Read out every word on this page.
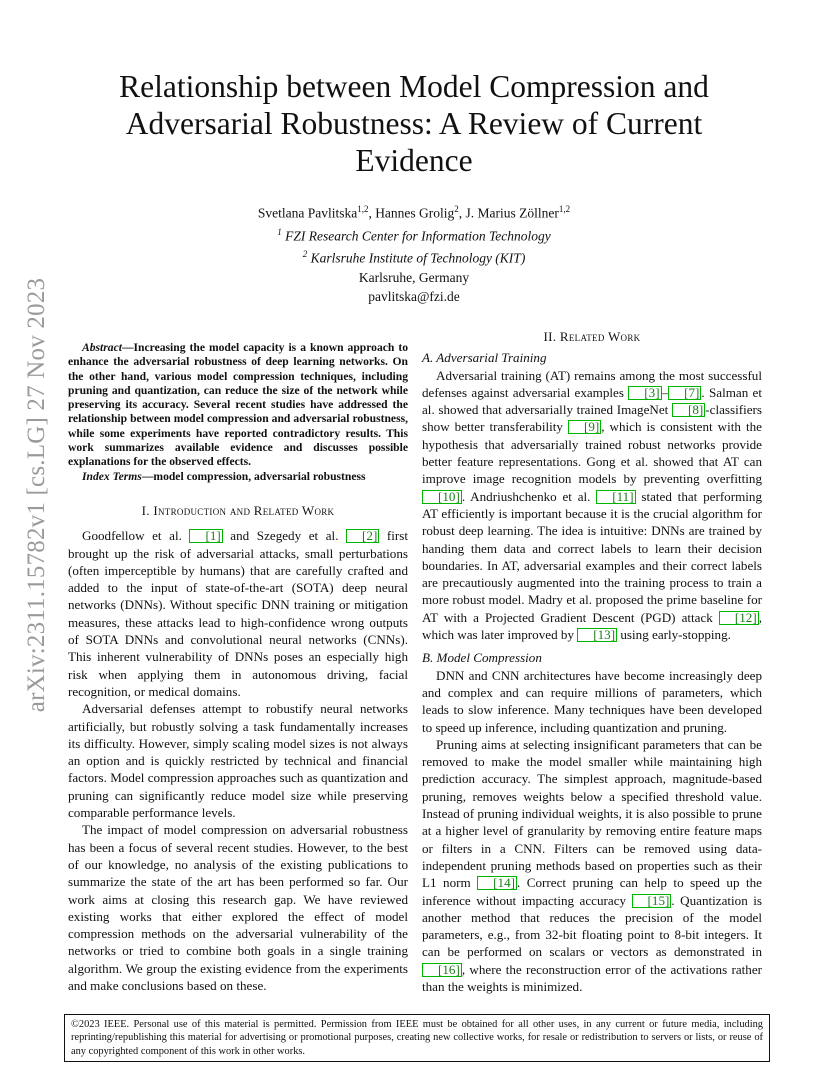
arXiv:2311.15782v1 [cs.LG] 27 Nov 2023
Relationship between Model Compression and Adversarial Robustness: A Review of Current Evidence
Svetlana Pavlitska$^{1,2}$, Hannes Grolig$^2$, J. Marius Zöllner$^{1,2}$
$^1$ FZI Research Center for Information Technology
$^2$ Karlsruhe Institute of Technology (KIT)
Karlsruhe, Germany
pavlitska@fzi.de

Abstract—Increasing the model capacity is a known approach to enhance the adversarial robustness of deep learning networks. On the other hand, various model compression techniques, including pruning and quantization, can reduce the size of the network while preserving its accuracy. Several recent studies have addressed the relationship between model compression and adversarial robustness, while some experiments have reported contradictory results. This work summarizes available evidence and discusses possible explanations for the observed effects.

Index Terms—model compression, adversarial robustness

I. Introduction and Related Work

Goodfellow et al. [1] and Szegedy et al. [2] first brought up the risk of adversarial attacks, small perturbations (often imperceptible by humans) that are carefully crafted and added to the input of state-of-the-art (SOTA) deep neural networks (DNNs). Without specific DNN training or mitigation measures, these attacks lead to high-confidence wrong outputs of SOTA DNNs and convolutional neural networks (CNNs). This inherent vulnerability of DNNs poses an especially high risk when applying them in autonomous driving, facial recognition, or medical domains.

Adversarial defenses attempt to robustify neural networks artificially, but robustly solving a task fundamentally increases its difficulty. However, simply scaling model sizes is not always an option and is quickly restricted by technical and financial factors. Model compression approaches such as quantization and pruning can significantly reduce model size while preserving comparable performance levels.

The impact of model compression on adversarial robustness has been a focus of several recent studies. However, to the best of our knowledge, no analysis of the existing publications to summarize the state of the art has been performed so far. Our work aims at closing this research gap. We have reviewed existing works that either explored the effect of model compression methods on the adversarial vulnerability of the networks or tried to combine both goals in a single training algorithm. We group the existing evidence from the experiments and make conclusions based on these.

II. Related Work

A. Adversarial Training

Adversarial training (AT) remains among the most successful defenses against adversarial examples [3] – [7] . Salman et al. showed that adversarially trained ImageNet [8] -classifiers show better transferability [9] , which is consistent with the hypothesis that adversarially trained robust networks provide better feature representations. Gong et al. showed that AT can improve image recognition models by preventing overfitting [10] . Andriushchenko et al. [11] stated that performing AT efficiently is important because it is the crucial algorithm for robust deep learning. The idea is intuitive: DNNs are trained by handing them data and correct labels to learn their decision boundaries. In AT, adversarial examples and their correct labels are precautiously augmented into the training process to train a more robust model. Madry et al. proposed the prime baseline for AT with a Projected Gradient Descent (PGD) attack [12] , which was later improved by [13] using early-stopping.

B. Model Compression

DNN and CNN architectures have become increasingly deep and complex and can require millions of parameters, which leads to slow inference. Many techniques have been developed to speed up inference, including quantization and pruning.

Pruning aims at selecting insignificant parameters that can be removed to make the model smaller while maintaining high prediction accuracy. The simplest approach, magnitude-based pruning, removes weights below a specified threshold value. Instead of pruning individual weights, it is also possible to prune at a higher level of granularity by removing entire feature maps or filters in a CNN. Filters can be removed using data-independent pruning methods based on properties such as their L1 norm [14] . Correct pruning can help to speed up the inference without impacting accuracy [15] . Quantization is another method that reduces the precision of the model parameters, e.g., from 32-bit floating point to 8-bit integers. It can be performed on scalars or vectors as demonstrated in [16] , where the reconstruction error of the activations rather than the weights is minimized.

©2023 IEEE. Personal use of this material is permitted. Permission from IEEE must be obtained for all other uses, in any current or future media, including reprinting/republishing this material for advertising or promotional purposes, creating new collective works, for resale or redistribution to servers or lists, or reuse of any copyrighted component of this work in other works.
